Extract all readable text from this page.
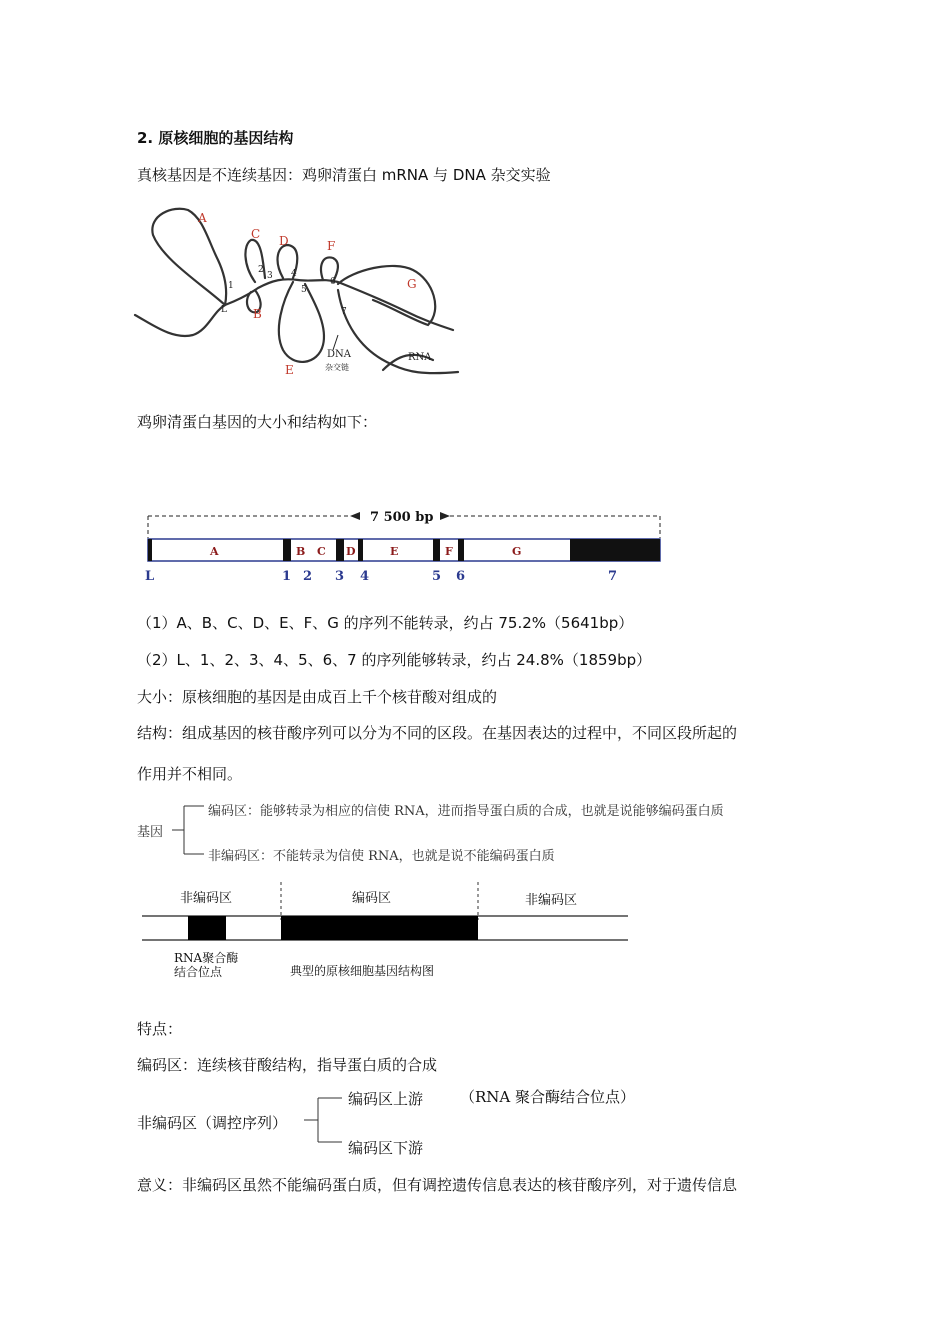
2. 原核细胞的基因结构
真核基因是不连续基因：鸡卵清蛋白 mRNA 与 DNA 杂交实验
A
B
C D
E
F
G
L
1
2
3 4
5
6
7
DNA
杂交链
RNA
鸡卵清蛋白基因的大小和结构如下：
7 500 bp
A	B C D	E	F	G
L	1 2 3 4	5 6	7
（1）A、B、C、D、E、F、G 的序列不能转录，约占 75.2%（5641bp）
（2）L、1、2、3、4、5、6、7 的序列能够转录，约占 24.8%（1859bp）
大小：原核细胞的基因是由成百上千个核苷酸对组成的
结构：组成基因的核苷酸序列可以分为不同的区段。在基因表达的过程中，不同区段所起的
作用并不相同。
基因
编码区：能够转录为相应的信使 RNA，进而指导蛋白质的合成，也就是说能够编码蛋白质
非编码区：不能转录为信使 RNA，也就是说不能编码蛋白质
非编码区	编码区	非编码区
RNA聚合酶
结合位点	典型的原核细胞基因结构图
特点：
编码区：连续核苷酸结构，指导蛋白质的合成
非编码区（调控序列）
编码区上游 （RNA 聚合酶结合位点）
编码区下游
意义：非编码区虽然不能编码蛋白质，但有调控遗传信息表达的核苷酸序列，对于遗传信息
